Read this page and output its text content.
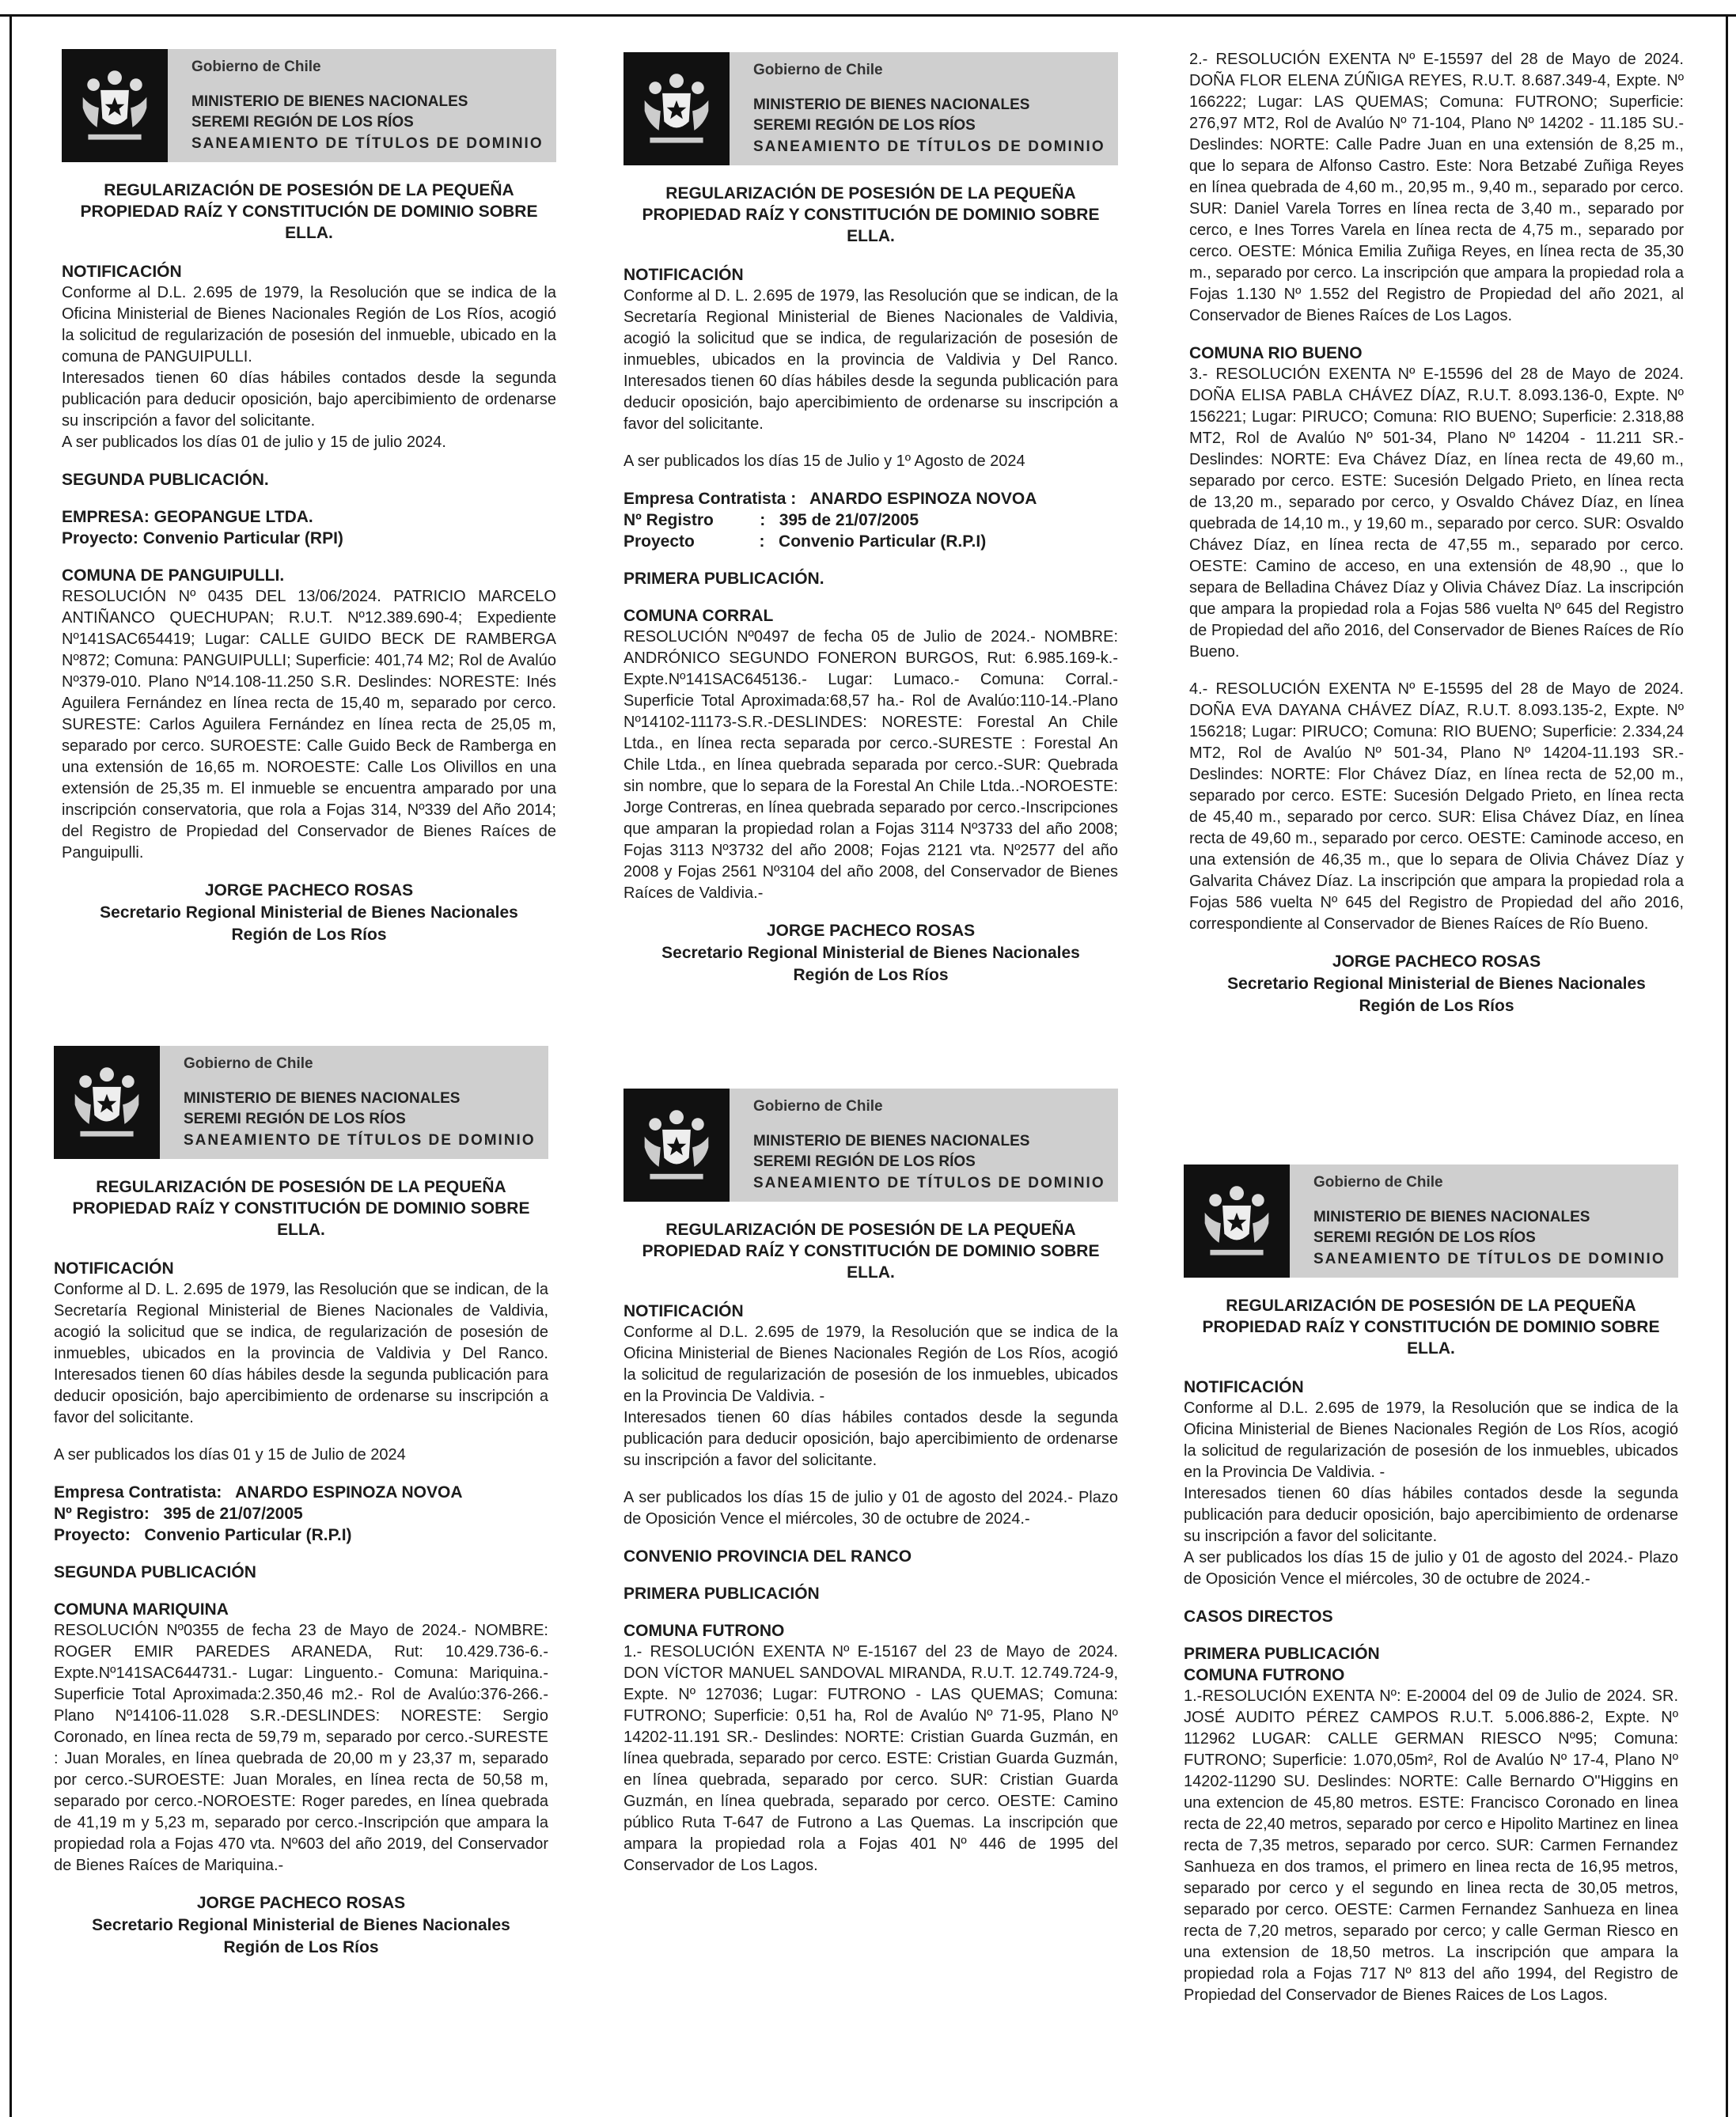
Gobierno de Chile
MINISTERIO DE BIENES NACIONALES
SEREMI REGIÓN DE LOS RÍOS
SANEAMIENTO DE TÍTULOS DE DOMINIO
REGULARIZACIÓN DE POSESIÓN DE LA PEQUEÑA
PROPIEDAD RAÍZ Y CONSTITUCIÓN DE DOMINIO SOBRE ELLA.
NOTIFICACIÓN
Conforme al D.L. 2.695 de 1979, la Resolución que se indica de la Oficina Ministerial de Bienes Nacionales Región de Los Ríos, acogió la solicitud de regularización de posesión del inmueble, ubicado en la comuna de PANGUIPULLI.
Interesados tienen 60 días hábiles contados desde la segunda publicación para deducir oposición, bajo apercibimiento de ordenarse su inscripción a favor del solicitante.
A ser publicados los días 01 de julio y 15 de julio 2024.
SEGUNDA PUBLICACIÓN.
EMPRESA: GEOPANGUE LTDA.
Proyecto: Convenio Particular (RPI)
COMUNA DE PANGUIPULLI.
RESOLUCIÓN Nº 0435 DEL 13/06/2024. PATRICIO MARCELO ANTIÑANCO QUECHUPAN; R.U.T. Nº12.389.690-4; Expediente Nº141SAC654419; Lugar: CALLE GUIDO BECK DE RAMBERGA Nº872; Comuna: PANGUIPULLI; Superficie: 401,74 M2; Rol de Avalúo Nº379-010. Plano Nº14.108-11.250 S.R. Deslindes: NORESTE: Inés Aguilera Fernández en línea recta de 15,40 m, separado por cerco. SURESTE: Carlos Aguilera Fernández en línea recta de 25,05 m, separado por cerco. SUROESTE: Calle Guido Beck de Ramberga en una extensión de 16,65 m. NOROESTE: Calle Los Olivillos en una extensión de 25,35 m. El inmueble se encuentra amparado por una inscripción conservatoria, que rola a Fojas 314, Nº339 del Año 2014; del Registro de Propiedad del Conservador de Bienes Raíces de Panguipulli.
JORGE PACHECO ROSAS
Secretario Regional Ministerial de Bienes Nacionales
Región de Los Ríos
Gobierno de Chile
MINISTERIO DE BIENES NACIONALES
SEREMI REGIÓN DE LOS RÍOS
SANEAMIENTO DE TÍTULOS DE DOMINIO
REGULARIZACIÓN DE POSESIÓN DE LA PEQUEÑA
PROPIEDAD RAÍZ Y CONSTITUCIÓN DE DOMINIO SOBRE ELLA.
NOTIFICACIÓN
Conforme al D. L. 2.695 de 1979, las Resolución que se indican, de la Secretaría Regional Ministerial de Bienes Nacionales de Valdivia, acogió la solicitud que se indica, de regularización de posesión de inmuebles, ubicados en la provincia de Valdivia y Del Ranco. Interesados tienen 60 días hábiles desde la segunda publicación para deducir oposición, bajo apercibimiento de ordenarse su inscripción a favor del solicitante.
A ser publicados los días 01 y 15 de Julio de 2024
Empresa Contratista:   ANARDO ESPINOZA NOVOA
Nº Registro:   395 de 21/07/2005
Proyecto:   Convenio Particular (R.P.I)
SEGUNDA PUBLICACIÓN
COMUNA MARIQUINA
RESOLUCIÓN Nº0355 de fecha 23 de Mayo de 2024.- NOMBRE: ROGER EMIR PAREDES ARANEDA, Rut: 10.429.736-6.-Expte.Nº141SAC644731.- Lugar: Linguento.- Comuna: Mariquina.- Superficie Total Aproximada:2.350,46 m2.- Rol de Avalúo:376-266.-Plano Nº14106-11.028 S.R.-DESLINDES: NORESTE: Sergio Coronado, en línea recta de 59,79 m, separado por cerco.-SURESTE : Juan Morales, en línea quebrada de 20,00 m y 23,37 m, separado por cerco.-SUROESTE: Juan Morales, en línea recta de 50,58 m, separado por cerco.-NOROESTE: Roger paredes, en línea quebrada de 41,19 m y 5,23 m, separado por cerco.-Inscripción que ampara la propiedad rola a Fojas 470 vta. Nº603 del año 2019, del Conservador de Bienes Raíces de Mariquina.-
JORGE PACHECO ROSAS
Secretario Regional Ministerial de Bienes Nacionales
Región de Los Ríos
Gobierno de Chile
MINISTERIO DE BIENES NACIONALES
SEREMI REGIÓN DE LOS RÍOS
SANEAMIENTO DE TÍTULOS DE DOMINIO
REGULARIZACIÓN DE POSESIÓN DE LA PEQUEÑA
PROPIEDAD RAÍZ Y CONSTITUCIÓN DE DOMINIO SOBRE ELLA.
NOTIFICACIÓN
Conforme al D. L. 2.695 de 1979, las Resolución que se indican, de la Secretaría Regional Ministerial de Bienes Nacionales de Valdivia, acogió la solicitud que se indica, de regularización de posesión de inmuebles, ubicados en la provincia de Valdivia y Del Ranco. Interesados tienen 60 días hábiles desde la segunda publicación para deducir oposición, bajo apercibimiento de ordenarse su inscripción a favor del solicitante.
A ser publicados los días 15 de Julio y 1º Agosto de 2024
Empresa Contratista :   ANARDO ESPINOZA NOVOA
Nº Registro          :   395 de 21/07/2005
Proyecto              :   Convenio Particular (R.P.I)
PRIMERA PUBLICACIÓN.
COMUNA CORRAL
RESOLUCIÓN Nº0497 de fecha 05 de Julio de 2024.- NOMBRE: ANDRÓNICO SEGUNDO FONERON BURGOS, Rut: 6.985.169-k.-Expte.Nº141SAC645136.- Lugar: Lumaco.- Comuna: Corral.- Superficie Total Aproximada:68,57 ha.- Rol de Avalúo:110-14.-Plano Nº14102-11173-S.R.-DESLINDES: NORESTE: Forestal An Chile Ltda., en línea recta separada por cerco.-SURESTE : Forestal An Chile Ltda., en línea quebrada separada por cerco.-SUR: Quebrada sin nombre, que lo separa de la Forestal An Chile Ltda..-NOROESTE: Jorge Contreras, en línea quebrada separado por cerco.-Inscripciones que amparan la propiedad rolan a Fojas 3114 Nº3733 del año 2008; Fojas 3113 Nº3732 del año 2008; Fojas 2121 vta. Nº2577 del año 2008 y Fojas 2561 Nº3104 del año 2008, del Conservador de Bienes Raíces de Valdivia.-
JORGE PACHECO ROSAS
Secretario Regional Ministerial de Bienes Nacionales
Región de Los Ríos
Gobierno de Chile
MINISTERIO DE BIENES NACIONALES
SEREMI REGIÓN DE LOS RÍOS
SANEAMIENTO DE TÍTULOS DE DOMINIO
REGULARIZACIÓN DE POSESIÓN DE LA PEQUEÑA
PROPIEDAD RAÍZ Y CONSTITUCIÓN DE DOMINIO SOBRE ELLA.
NOTIFICACIÓN
Conforme al D.L. 2.695 de 1979, la Resolución que se indica de la Oficina Ministerial de Bienes Nacionales Región de Los Ríos, acogió la solicitud de regularización de posesión de los inmuebles, ubicados en la Provincia De Valdivia. -
Interesados tienen 60 días hábiles contados desde la segunda publicación para deducir oposición, bajo apercibimiento de ordenarse su inscripción a favor del solicitante.
A ser publicados los días 15 de julio y 01 de agosto del 2024.- Plazo de Oposición Vence el miércoles, 30 de octubre de 2024.-
CONVENIO PROVINCIA DEL RANCO
PRIMERA PUBLICACIÓN
COMUNA FUTRONO
1.- RESOLUCIÓN EXENTA Nº E-15167 del 23 de Mayo de 2024. DON VÍCTOR MANUEL SANDOVAL MIRANDA, R.U.T. 12.749.724-9, Expte. Nº 127036; Lugar: FUTRONO - LAS QUEMAS; Comuna: FUTRONO; Superficie: 0,51 ha, Rol de Avalúo Nº 71-95, Plano Nº 14202-11.191 SR.- Deslindes: NORTE: Cristian Guarda Guzmán, en línea quebrada, separado por cerco. ESTE: Cristian Guarda Guzmán, en línea quebrada, separado por cerco. SUR: Cristian Guarda Guzmán, en línea quebrada, separado por cerco. OESTE: Camino público Ruta T-647 de Futrono a Las Quemas. La inscripción que ampara la propiedad rola a Fojas 401 Nº 446 de 1995 del Conservador de Los Lagos.
2.- RESOLUCIÓN EXENTA Nº E-15597 del 28 de Mayo de 2024. DOÑA FLOR ELENA ZÚÑIGA REYES, R.U.T. 8.687.349-4, Expte. Nº 166222; Lugar: LAS QUEMAS; Comuna: FUTRONO; Superficie: 276,97 MT2, Rol de Avalúo Nº 71-104, Plano Nº 14202 - 11.185 SU.- Deslindes: NORTE: Calle Padre Juan en una extensión de 8,25 m., que lo separa de Alfonso Castro. Este: Nora Betzabé Zuñiga Reyes en línea quebrada de 4,60 m., 20,95 m., 9,40 m., separado por cerco. SUR: Daniel Varela Torres en línea recta de 3,40 m., separado por cerco, e Ines Torres Varela en línea recta de 4,75 m., separado por cerco. OESTE: Mónica Emilia Zuñiga Reyes, en línea recta de 35,30 m., separado por cerco. La inscripción que ampara la propiedad rola a Fojas 1.130 Nº 1.552 del Registro de Propiedad del año 2021, al Conservador de Bienes Raíces de Los Lagos.
COMUNA RIO BUENO
3.- RESOLUCIÓN EXENTA Nº E-15596 del 28 de Mayo de 2024. DOÑA ELISA PABLA CHÁVEZ DÍAZ, R.U.T. 8.093.136-0, Expte. Nº 156221; Lugar: PIRUCO; Comuna: RIO BUENO; Superficie: 2.318,88 MT2, Rol de Avalúo Nº 501-34, Plano Nº 14204 - 11.211 SR.- Deslindes: NORTE: Eva Chávez Díaz, en línea recta de 49,60 m., separado por cerco. ESTE: Sucesión Delgado Prieto, en línea recta de 13,20 m., separado por cerco, y Osvaldo Chávez Díaz, en línea quebrada de 14,10 m., y 19,60 m., separado por cerco. SUR: Osvaldo Chávez Díaz, en línea recta de 47,55 m., separado por cerco. OESTE: Camino de acceso, en una extensión de 48,90 ., que lo separa de Belladina Chávez Díaz y Olivia Chávez Díaz. La inscripción que ampara la propiedad rola a Fojas 586 vuelta Nº 645 del Registro de Propiedad del año 2016, del Conservador de Bienes Raíces de Río Bueno.
4.- RESOLUCIÓN EXENTA Nº E-15595 del 28 de Mayo de 2024. DOÑA EVA DAYANA CHÁVEZ DÍAZ, R.U.T. 8.093.135-2, Expte. Nº 156218; Lugar: PIRUCO; Comuna: RIO BUENO; Superficie: 2.334,24 MT2, Rol de Avalúo Nº 501-34, Plano Nº 14204-11.193 SR.- Deslindes: NORTE: Flor Chávez Díaz, en línea recta de 52,00 m., separado por cerco. ESTE: Sucesión Delgado Prieto, en línea recta de 45,40 m., separado por cerco. SUR: Elisa Chávez Díaz, en línea recta de 49,60 m., separado por cerco. OESTE: Caminode acceso, en una extensión de 46,35 m., que lo separa de Olivia Chávez Díaz y Galvarita Chávez Díaz. La inscripción que ampara la propiedad rola a Fojas 586 vuelta Nº 645 del Registro de Propiedad del año 2016, correspondiente al Conservador de Bienes Raíces de Río Bueno.
JORGE PACHECO ROSAS
Secretario Regional Ministerial de Bienes Nacionales
Región de Los Ríos
Gobierno de Chile
MINISTERIO DE BIENES NACIONALES
SEREMI REGIÓN DE LOS RÍOS
SANEAMIENTO DE TÍTULOS DE DOMINIO
REGULARIZACIÓN DE POSESIÓN DE LA PEQUEÑA
PROPIEDAD RAÍZ Y CONSTITUCIÓN DE DOMINIO SOBRE ELLA.
NOTIFICACIÓN
Conforme al D.L. 2.695 de 1979, la Resolución que se indica de la Oficina Ministerial de Bienes Nacionales Región de Los Ríos, acogió la solicitud de regularización de posesión de los inmuebles, ubicados en la Provincia De Valdivia. -
Interesados tienen 60 días hábiles contados desde la segunda publicación para deducir oposición, bajo apercibimiento de ordenarse su inscripción a favor del solicitante.
A ser publicados los días 15 de julio y 01 de agosto del 2024.- Plazo de Oposición Vence el miércoles, 30 de octubre de 2024.-
CASOS DIRECTOS
PRIMERA PUBLICACIÓN
COMUNA FUTRONO
1.-RESOLUCIÓN EXENTA Nº: E-20004 del 09 de Julio de 2024. SR. JOSÉ AUDITO PÉREZ CAMPOS R.U.T. 5.006.886-2, Expte. Nº 112962 LUGAR: CALLE GERMAN RIESCO Nº95; Comuna: FUTRONO; Superficie: 1.070,05m², Rol de Avalúo Nº 17-4, Plano Nº 14202-11290 SU. Deslindes: NORTE: Calle Bernardo O"Higgins en una extencion de 45,80 metros. ESTE: Francisco Coronado en linea recta de 22,40 metros, separado por cerco e Hipolito Martinez en linea recta de 7,35 metros, separado por cerco. SUR: Carmen Fernandez Sanhueza en dos tramos, el primero en linea recta de 16,95 metros, separado por cerco y el segundo en linea recta de 30,05 metros, separado por cerco. OESTE: Carmen Fernandez Sanhueza en linea recta de 7,20 metros, separado por cerco; y calle German Riesco en una extension de 18,50 metros. La inscripción que ampara la propiedad rola a Fojas 717 Nº 813 del año 1994, del Registro de Propiedad del Conservador de Bienes Raices de Los Lagos.
